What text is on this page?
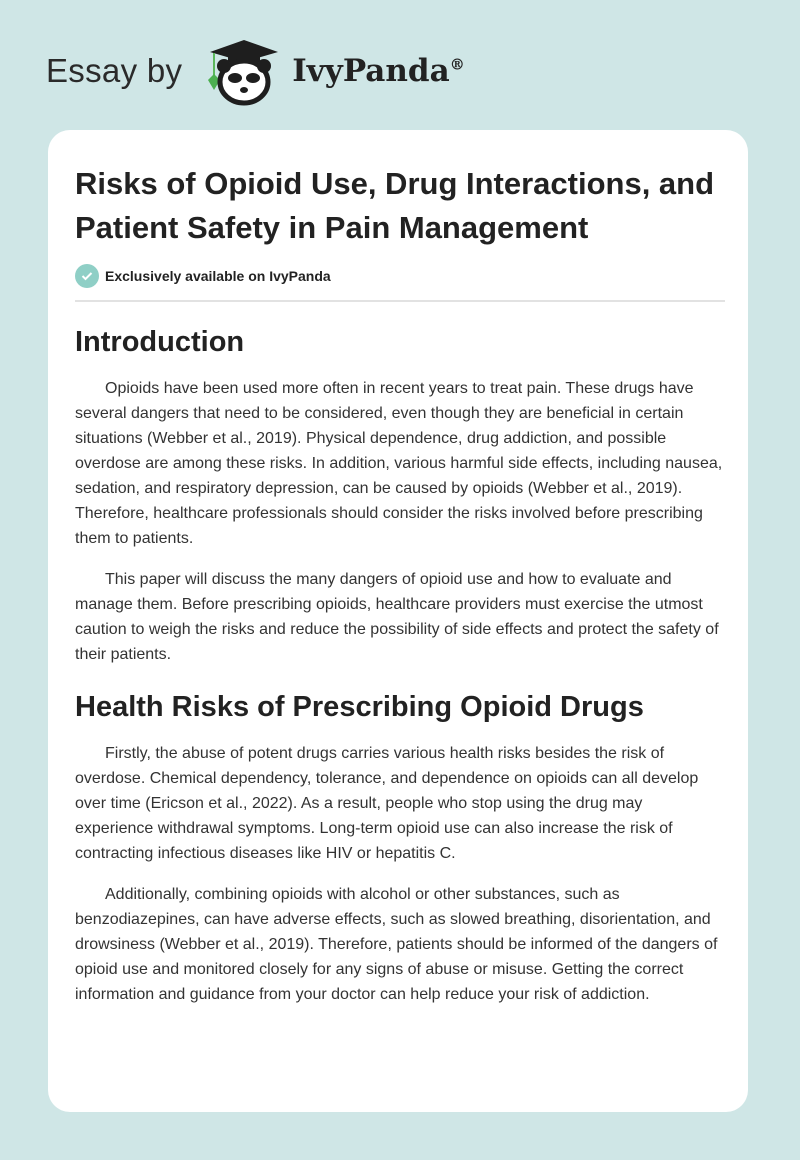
Essay by	IvyPanda®
Risks of Opioid Use, Drug Interactions, and Patient Safety in Pain Management
Exclusively available on IvyPanda
Introduction

Opioids have been used more often in recent years to treat pain. These drugs have several dangers that need to be considered, even though they are beneficial in certain situations (Webber et al., 2019). Physical dependence, drug addiction, and possible overdose are among these risks. In addition, various harmful side effects, including nausea, sedation, and respiratory depression, can be caused by opioids (Webber et al., 2019). Therefore, healthcare professionals should consider the risks involved before prescribing them to patients.

This paper will discuss the many dangers of opioid use and how to evaluate and manage them. Before prescribing opioids, healthcare providers must exercise the utmost caution to weigh the risks and reduce the possibility of side effects and protect the safety of their patients.

Health Risks of Prescribing Opioid Drugs

Firstly, the abuse of potent drugs carries various health risks besides the risk of overdose. Chemical dependency, tolerance, and dependence on opioids can all develop over time (Ericson et al., 2022). As a result, people who stop using the drug may experience withdrawal symptoms. Long-term opioid use can also increase the risk of contracting infectious diseases like HIV or hepatitis C.

Additionally, combining opioids with alcohol or other substances, such as benzodiazepines, can have adverse effects, such as slowed breathing, disorientation, and drowsiness (Webber et al., 2019). Therefore, patients should be informed of the dangers of opioid use and monitored closely for any signs of abuse or misuse. Getting the correct information and guidance from your doctor can help reduce your risk of addiction.
